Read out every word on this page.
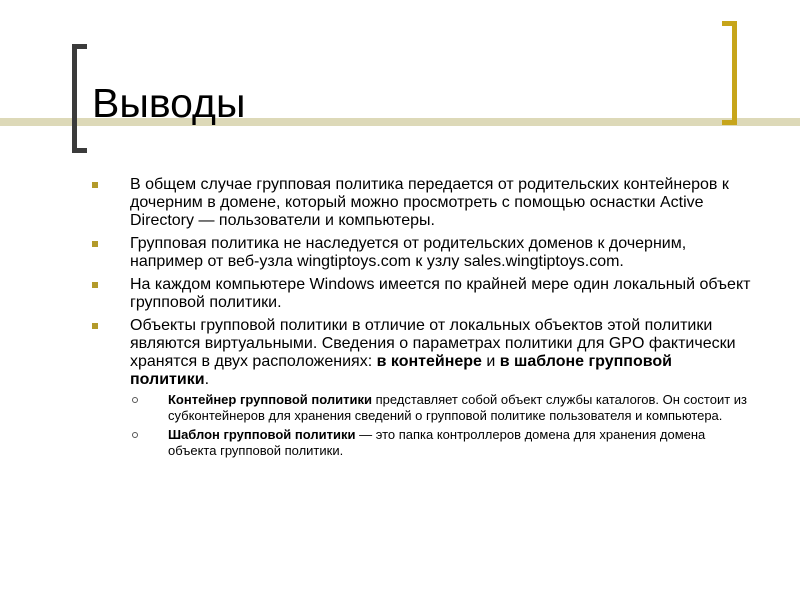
Выводы
В общем случае групповая политика передается от родительских контейнеров к дочерним в домене, который можно просмотреть с помощью оснастки Active Directory — пользователи и компьютеры.
Групповая политика не наследуется от родительских доменов к дочерним, например от веб-узла wingtiptoys.com к узлу sales.wingtiptoys.com.
На каждом компьютере Windows имеется по крайней мере один локальный объект групповой политики.
Объекты групповой политики в отличие от локальных объектов этой политики являются виртуальными. Сведения о параметрах политики для GPO фактически хранятся в двух расположениях: в контейнере и в шаблоне групповой политики.
Контейнер групповой политики представляет собой объект службы каталогов. Он состоит из субконтейнеров для хранения сведений о групповой политике пользователя и компьютера.
Шаблон групповой политики — это папка контроллеров домена для хранения домена объекта групповой политики.
